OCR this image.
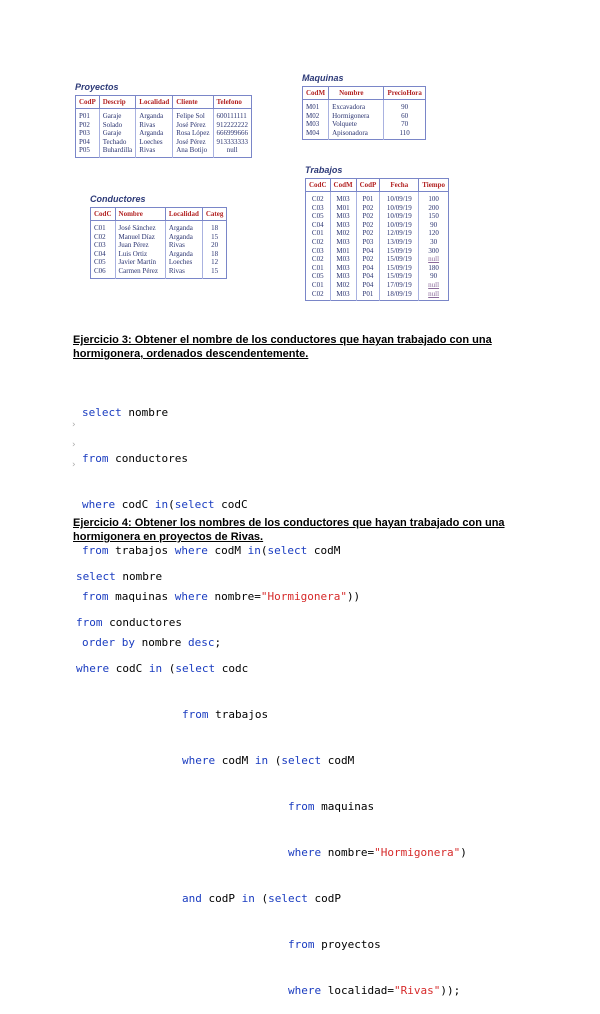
Proyectos
CodP	Descrip	Localidad	Cliente	Telefono
P01	Garaje	Arganda	Felipe Sol	600111111
P02	Solado	Rivas	José Pérez	912222222
P03	Garaje	Arganda	Rosa López	666999666
P04	Techado	Loeches	José Pérez	913333333
P05	Buhardilla	Rivas	Ana Botijo	null
Maquinas
CodM	Nombre	PrecioHora
M01	Excavadora	90
M02	Hormigonera	60
M03	Volquete	70
M04	Apisonadora	110
Conductores
CodC	Nombre	Localidad	Categ
C01	José Sánchez	Arganda	18
C02	Manuel Díaz	Arganda	15
C03	Juan Pérez	Rivas	20
C04	Luis Ortiz	Arganda	18
C05	Javier Martín	Loeches	12
C06	Carmen Pérez	Rivas	15
Trabajos
CodC	CodM	CodP	Fecha	Tiempo
C02	M03	P01	10/09/19	100
C03	M01	P02	10/09/19	200
C05	M03	P02	10/09/19	150
C04	M03	P02	10/09/19	90
C01	M02	P02	12/09/19	120
C02	M03	P03	13/09/19	30
C03	M01	P04	15/09/19	300
C02	M03	P02	15/09/19	null
C01	M03	P04	15/09/19	180
C05	M03	P04	15/09/19	90
C01	M02	P04	17/09/19	null
C02	M03	P01	18/09/19	null
Ejercicio 3: Obtener el nombre de los conductores que hayan trabajado con una hormigonera, ordenados descendentemente.
›
›
›

select nombre

from conductores

where codC in(select codC

from trabajos where codM in(select codM

from maquinas where nombre="Hormigonera"))

order by nombre desc;

Ejercicio 4: Obtener los nombres de los conductores que hayan trabajado con una hormigonera en proyectos de Rivas.

select nombre

from conductores

where codC in (select codc

from trabajos

where codM in (select codM

from maquinas

where nombre="Hormigonera")

and codP in (select codP

from proyectos

where localidad="Rivas"));
